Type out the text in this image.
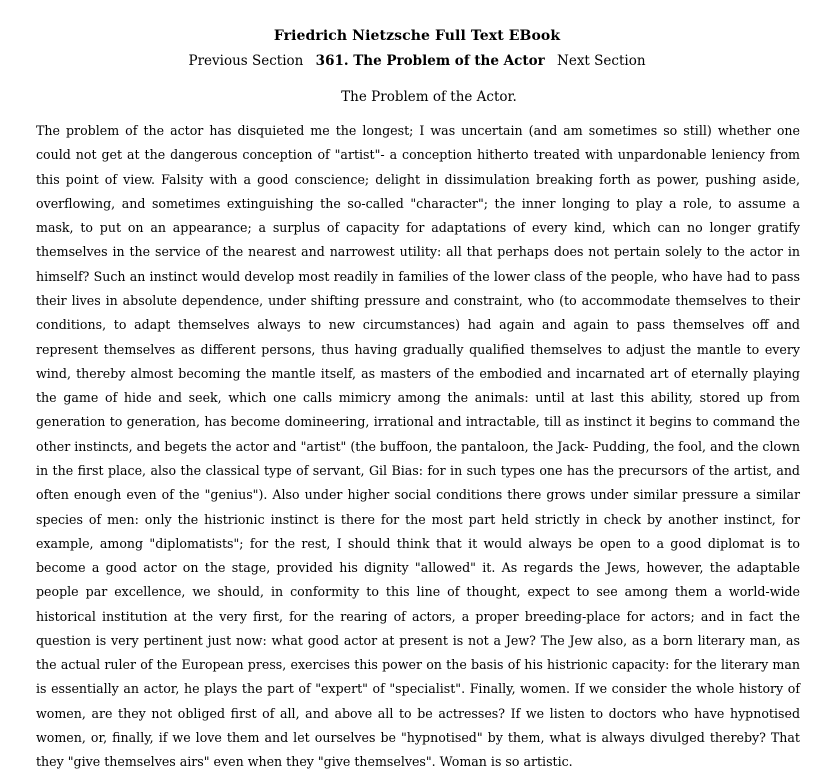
Friedrich Nietzsche Full Text EBook
Previous Section 361. The Problem of the Actor Next Section
The Problem of the Actor.

The problem of the actor has disquieted me the longest; I was uncertain (and am sometimes so still) whether one could not get at the dangerous conception of "artist"- a conception hitherto treated with unpardonable leniency from this point of view. Falsity with a good conscience; delight in dissimulation breaking forth as power, pushing aside, overflowing, and sometimes extinguishing the so-called "character"; the inner longing to play a role, to assume a mask, to put on an appearance; a surplus of capacity for adaptations of every kind, which can no longer gratify themselves in the service of the nearest and narrowest utility: all that perhaps does not pertain solely to the actor in himself? Such an instinct would develop most readily in families of the lower class of the people, who have had to pass their lives in absolute dependence, under shifting pressure and constraint, who (to accommodate themselves to their conditions, to adapt themselves always to new circumstances) had again and again to pass themselves off and represent themselves as different persons, thus having gradually qualified themselves to adjust the mantle to every wind, thereby almost becoming the mantle itself, as masters of the embodied and incarnated art of eternally playing the game of hide and seek, which one calls mimicry among the animals: until at last this ability, stored up from generation to generation, has become domineering, irrational and intractable, till as instinct it begins to command the other instincts, and begets the actor and "artist" (the buffoon, the pantaloon, the Jack- Pudding, the fool, and the clown in the first place, also the classical type of servant, Gil Bias: for in such types one has the precursors of the artist, and often enough even of the "genius"). Also under higher social conditions there grows under similar pressure a similar species of men: only the histrionic instinct is there for the most part held strictly in check by another instinct, for example, among "diplomatists"; for the rest, I should think that it would always be open to a good diplomat is to become a good actor on the stage, provided his dignity "allowed" it. As regards the Jews, however, the adaptable people par excellence, we should, in conformity to this line of thought, expect to see among them a world-wide historical institution at the very first, for the rearing of actors, a proper breeding-place for actors; and in fact the question is very pertinent just now: what good actor at present is not a Jew? The Jew also, as a born literary man, as the actual ruler of the European press, exercises this power on the basis of his histrionic capacity: for the literary man is essentially an actor, he plays the part of "expert" of "specialist". Finally, women. If we consider the whole history of women, are they not obliged first of all, and above all to be actresses? If we listen to doctors who have hypnotised women, or, finally, if we love them and let ourselves be "hypnotised" by them, what is always divulged thereby? That they "give themselves airs" even when they "give themselves". Woman is so artistic.
